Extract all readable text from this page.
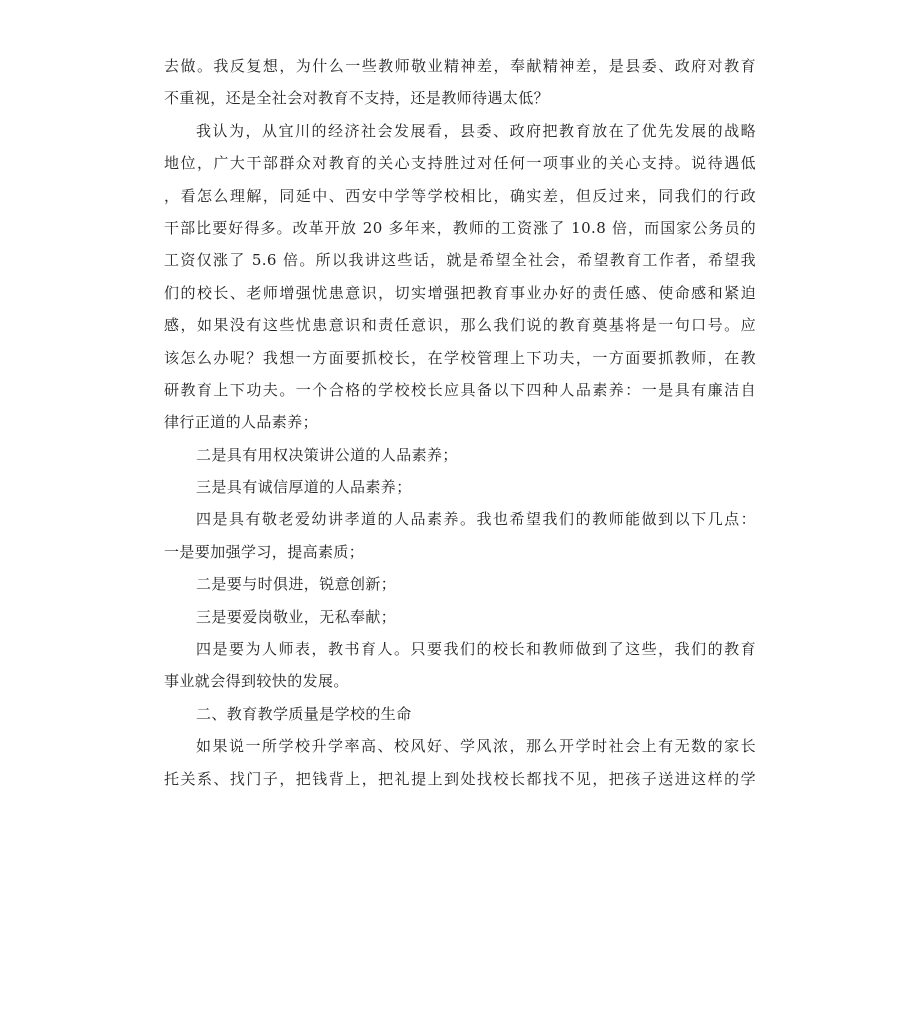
去做。我反复想，为什么一些教师敬业精神差，奉献精神差，是县委、政府对教育
不重视，还是全社会对教育不支持，还是教师待遇太低？
我认为，从宜川的经济社会发展看，县委、政府把教育放在了优先发展的战略
地位，广大干部群众对教育的关心支持胜过对任何一项事业的关心支持。说待遇低
，看怎么理解，同延中、西安中学等学校相比，确实差，但反过来，同我们的行政
干部比要好得多。改革开放 20 多年来，教师的工资涨了 10.8 倍，而国家公务员的
工资仅涨了 5.6 倍。所以我讲这些话，就是希望全社会，希望教育工作者，希望我
们的校长、老师增强忧患意识，切实增强把教育事业办好的责任感、使命感和紧迫
感，如果没有这些忧患意识和责任意识，那么我们说的教育奠基将是一句口号。应
该怎么办呢？我想一方面要抓校长，在学校管理上下功夫，一方面要抓教师，在教
研教育上下功夫。一个合格的学校校长应具备以下四种人品素养：一是具有廉洁自
律行正道的人品素养；
二是具有用权决策讲公道的人品素养；
三是具有诚信厚道的人品素养；
四是具有敬老爱幼讲孝道的人品素养。我也希望我们的教师能做到以下几点：
一是要加强学习，提高素质；
二是要与时俱进，锐意创新；
三是要爱岗敬业，无私奉献；
四是要为人师表，教书育人。只要我们的校长和教师做到了这些，我们的教育
事业就会得到较快的发展。
二、教育教学质量是学校的生命
如果说一所学校升学率高、校风好、学风浓，那么开学时社会上有无数的家长
托关系、找门子，把钱背上，把礼提上到处找校长都找不见，把孩子送进这样的学
